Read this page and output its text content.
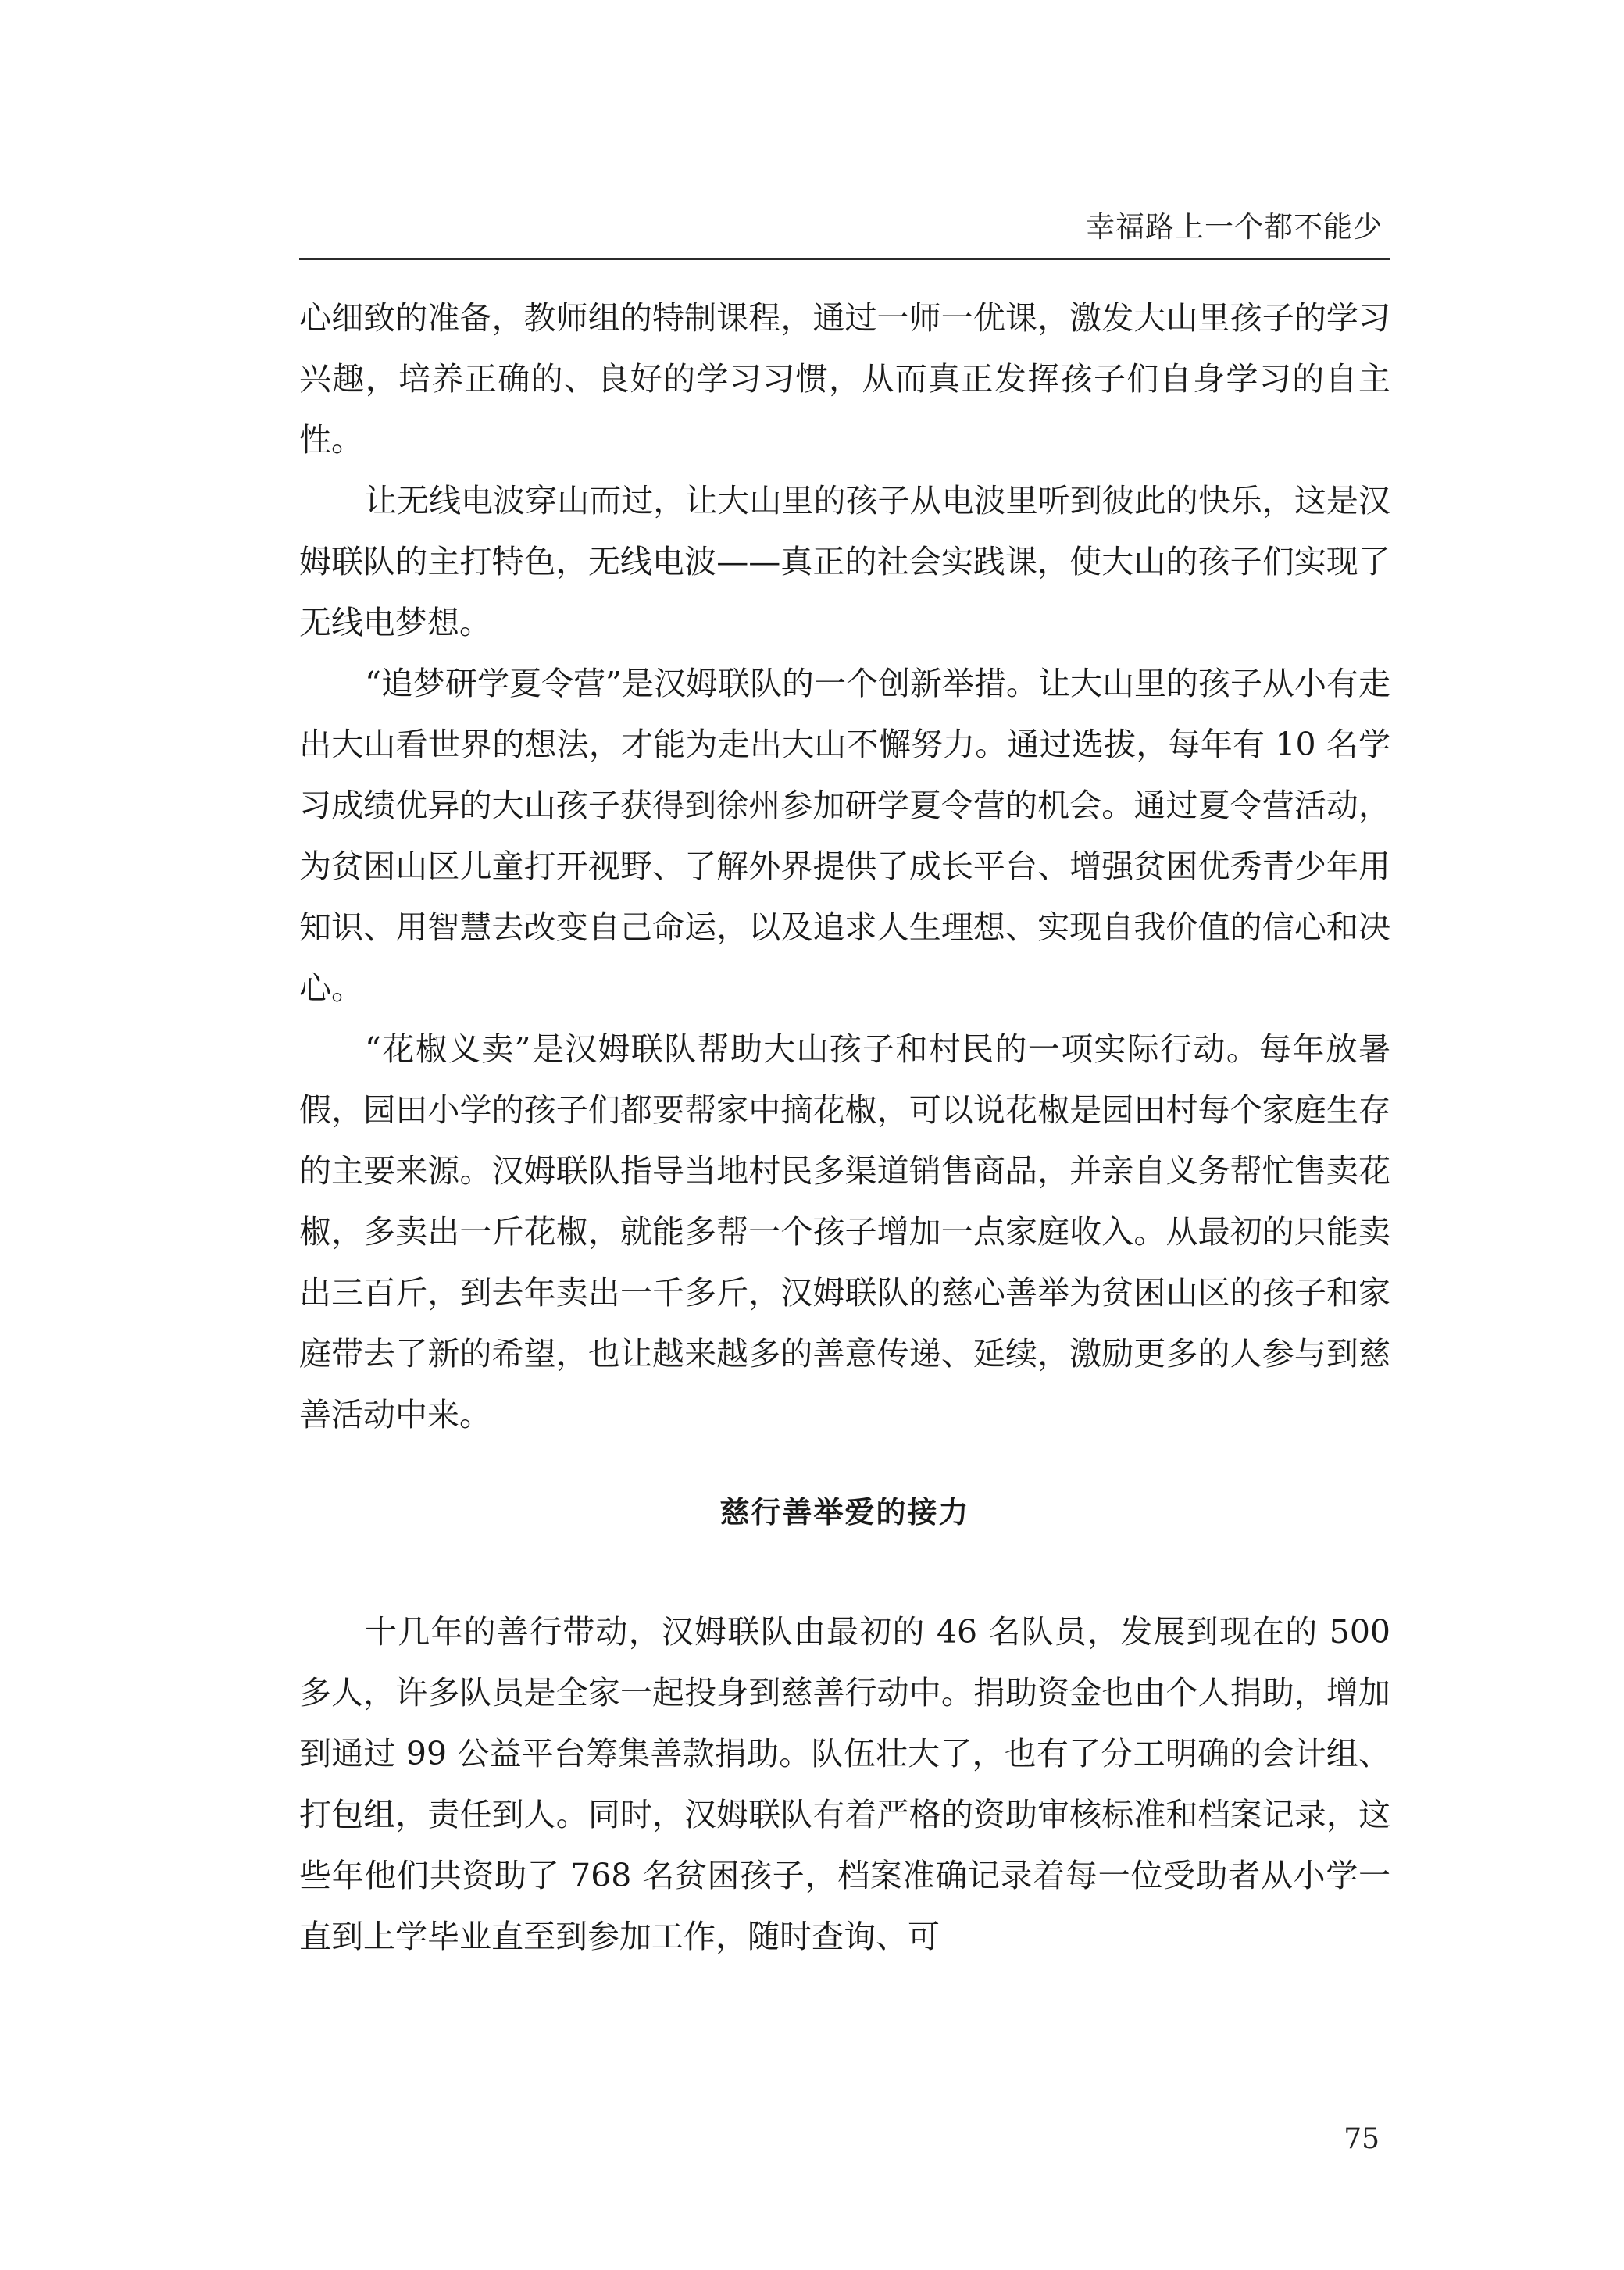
幸福路上一个都不能少

心细致的准备，教师组的特制课程，通过一师一优课，激发大山里孩子的学习兴趣，培养正确的、良好的学习习惯，从而真正发挥孩子们自身学习的自主性。

让无线电波穿山而过，让大山里的孩子从电波里听到彼此的快乐，这是汉姆联队的主打特色，无线电波——真正的社会实践课，使大山的孩子们实现了无线电梦想。

“追梦研学夏令营”是汉姆联队的一个创新举措。让大山里的孩子从小有走出大山看世界的想法，才能为走出大山不懈努力。通过选拔，每年有 10 名学习成绩优异的大山孩子获得到徐州参加研学夏令营的机会。通过夏令营活动，为贫困山区儿童打开视野、了解外界提供了成长平台、增强贫困优秀青少年用知识、用智慧去改变自己命运，以及追求人生理想、实现自我价值的信心和决心。

“花椒义卖”是汉姆联队帮助大山孩子和村民的一项实际行动。每年放暑假，园田小学的孩子们都要帮家中摘花椒，可以说花椒是园田村每个家庭生存的主要来源。汉姆联队指导当地村民多渠道销售商品，并亲自义务帮忙售卖花椒，多卖出一斤花椒，就能多帮一个孩子增加一点家庭收入。从最初的只能卖出三百斤，到去年卖出一千多斤，汉姆联队的慈心善举为贫困山区的孩子和家庭带去了新的希望，也让越来越多的善意传递、延续，激励更多的人参与到慈善活动中来。

慈行善举爱的接力

十几年的善行带动，汉姆联队由最初的 46 名队员，发展到现在的 500 多人，许多队员是全家一起投身到慈善行动中。捐助资金也由个人捐助，增加到通过 99 公益平台筹集善款捐助。队伍壮大了，也有了分工明确的会计组、打包组，责任到人。同时，汉姆联队有着严格的资助审核标准和档案记录，这些年他们共资助了 768 名贫困孩子，档案准确记录着每一位受助者从小学一直到上学毕业直至到参加工作，随时查询、可

75
